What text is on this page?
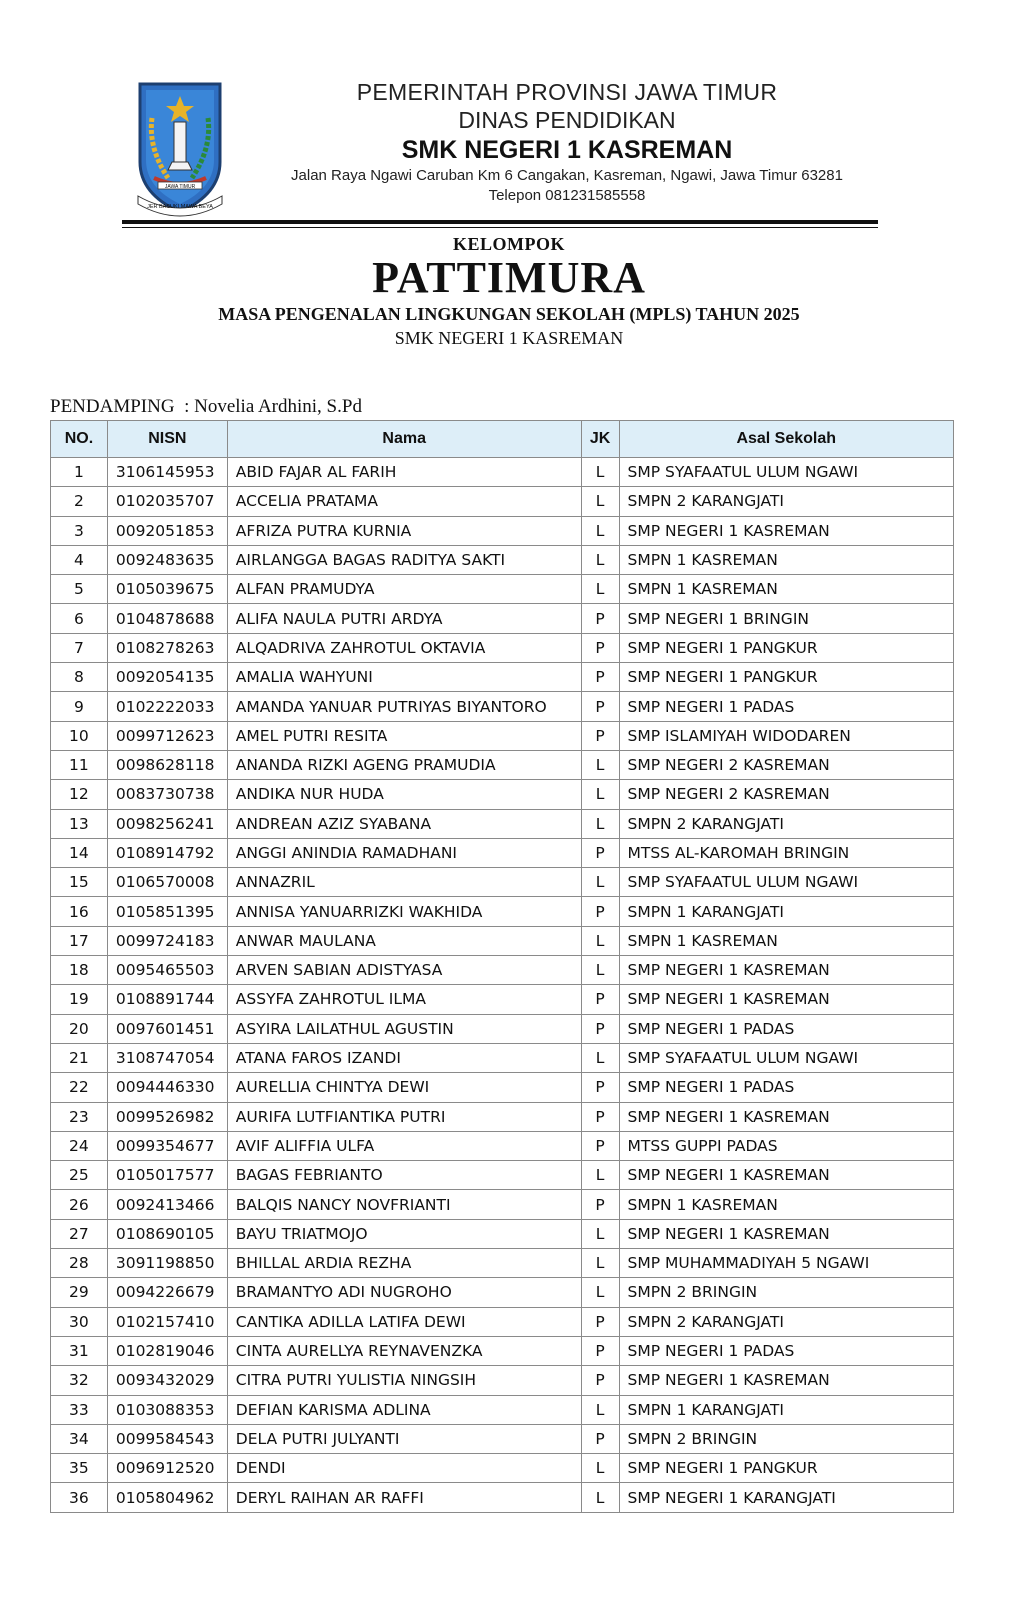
JAWA TIMUR
JER BASUKI MAWA BEYA
PEMERINTAH PROVINSI JAWA TIMUR
DINAS PENDIDIKAN
SMK NEGERI 1 KASREMAN
Jalan Raya Ngawi Caruban Km 6 Cangakan, Kasreman, Ngawi, Jawa Timur 63281
Telepon 081231585558
KELOMPOK
PATTIMURA
MASA PENGENALAN LINGKUNGAN SEKOLAH (MPLS) TAHUN 2025
SMK NEGERI 1 KASREMAN
PENDAMPING  : Novelia Ardhini, S.Pd
NO.	NISN	Nama	JK	Asal Sekolah
1	3106145953	ABID FAJAR AL FARIH	L	SMP SYAFAATUL ULUM NGAWI
2	0102035707	ACCELIA PRATAMA	L	SMPN 2 KARANGJATI
3	0092051853	AFRIZA PUTRA KURNIA	L	SMP NEGERI 1 KASREMAN
4	0092483635	AIRLANGGA BAGAS RADITYA SAKTI	L	SMPN 1 KASREMAN
5	0105039675	ALFAN PRAMUDYA	L	SMPN 1 KASREMAN
6	0104878688	ALIFA NAULA PUTRI ARDYA	P	SMP NEGERI 1 BRINGIN
7	0108278263	ALQADRIVA ZAHROTUL OKTAVIA	P	SMP NEGERI 1 PANGKUR
8	0092054135	AMALIA WAHYUNI	P	SMP NEGERI 1 PANGKUR
9	0102222033	AMANDA YANUAR PUTRIYAS BIYANTORO	P	SMP NEGERI 1 PADAS
10	0099712623	AMEL PUTRI RESITA	P	SMP ISLAMIYAH WIDODAREN
11	0098628118	ANANDA RIZKI AGENG PRAMUDIA	L	SMP NEGERI 2 KASREMAN
12	0083730738	ANDIKA NUR HUDA	L	SMP NEGERI 2 KASREMAN
13	0098256241	ANDREAN AZIZ SYABANA	L	SMPN 2 KARANGJATI
14	0108914792	ANGGI ANINDIA RAMADHANI	P	MTSS AL-KAROMAH BRINGIN
15	0106570008	ANNAZRIL	L	SMP SYAFAATUL ULUM NGAWI
16	0105851395	ANNISA YANUARRIZKI WAKHIDA	P	SMPN 1 KARANGJATI
17	0099724183	ANWAR MAULANA	L	SMPN 1 KASREMAN
18	0095465503	ARVEN SABIAN ADISTYASA	L	SMP NEGERI 1 KASREMAN
19	0108891744	ASSYFA ZAHROTUL ILMA	P	SMP NEGERI 1 KASREMAN
20	0097601451	ASYIRA LAILATHUL AGUSTIN	P	SMP NEGERI 1 PADAS
21	3108747054	ATANA FAROS IZANDI	L	SMP SYAFAATUL ULUM NGAWI
22	0094446330	AURELLIA CHINTYA DEWI	P	SMP NEGERI 1 PADAS
23	0099526982	AURIFA LUTFIANTIKA PUTRI	P	SMP NEGERI 1 KASREMAN
24	0099354677	AVIF ALIFFIA ULFA	P	MTSS GUPPI PADAS
25	0105017577	BAGAS FEBRIANTO	L	SMP NEGERI 1 KASREMAN
26	0092413466	BALQIS NANCY NOVFRIANTI	P	SMPN 1 KASREMAN
27	0108690105	BAYU TRIATMOJO	L	SMP NEGERI 1 KASREMAN
28	3091198850	BHILLAL ARDIA REZHA	L	SMP MUHAMMADIYAH 5 NGAWI
29	0094226679	BRAMANTYO ADI NUGROHO	L	SMPN 2 BRINGIN
30	0102157410	CANTIKA ADILLA LATIFA DEWI	P	SMPN 2 KARANGJATI
31	0102819046	CINTA AURELLYA REYNAVENZKA	P	SMP NEGERI 1 PADAS
32	0093432029	CITRA PUTRI YULISTIA NINGSIH	P	SMP NEGERI 1 KASREMAN
33	0103088353	DEFIAN KARISMA ADLINA	L	SMPN 1 KARANGJATI
34	0099584543	DELA PUTRI JULYANTI	P	SMPN 2 BRINGIN
35	0096912520	DENDI	L	SMP NEGERI 1 PANGKUR
36	0105804962	DERYL RAIHAN AR RAFFI	L	SMP NEGERI 1 KARANGJATI
